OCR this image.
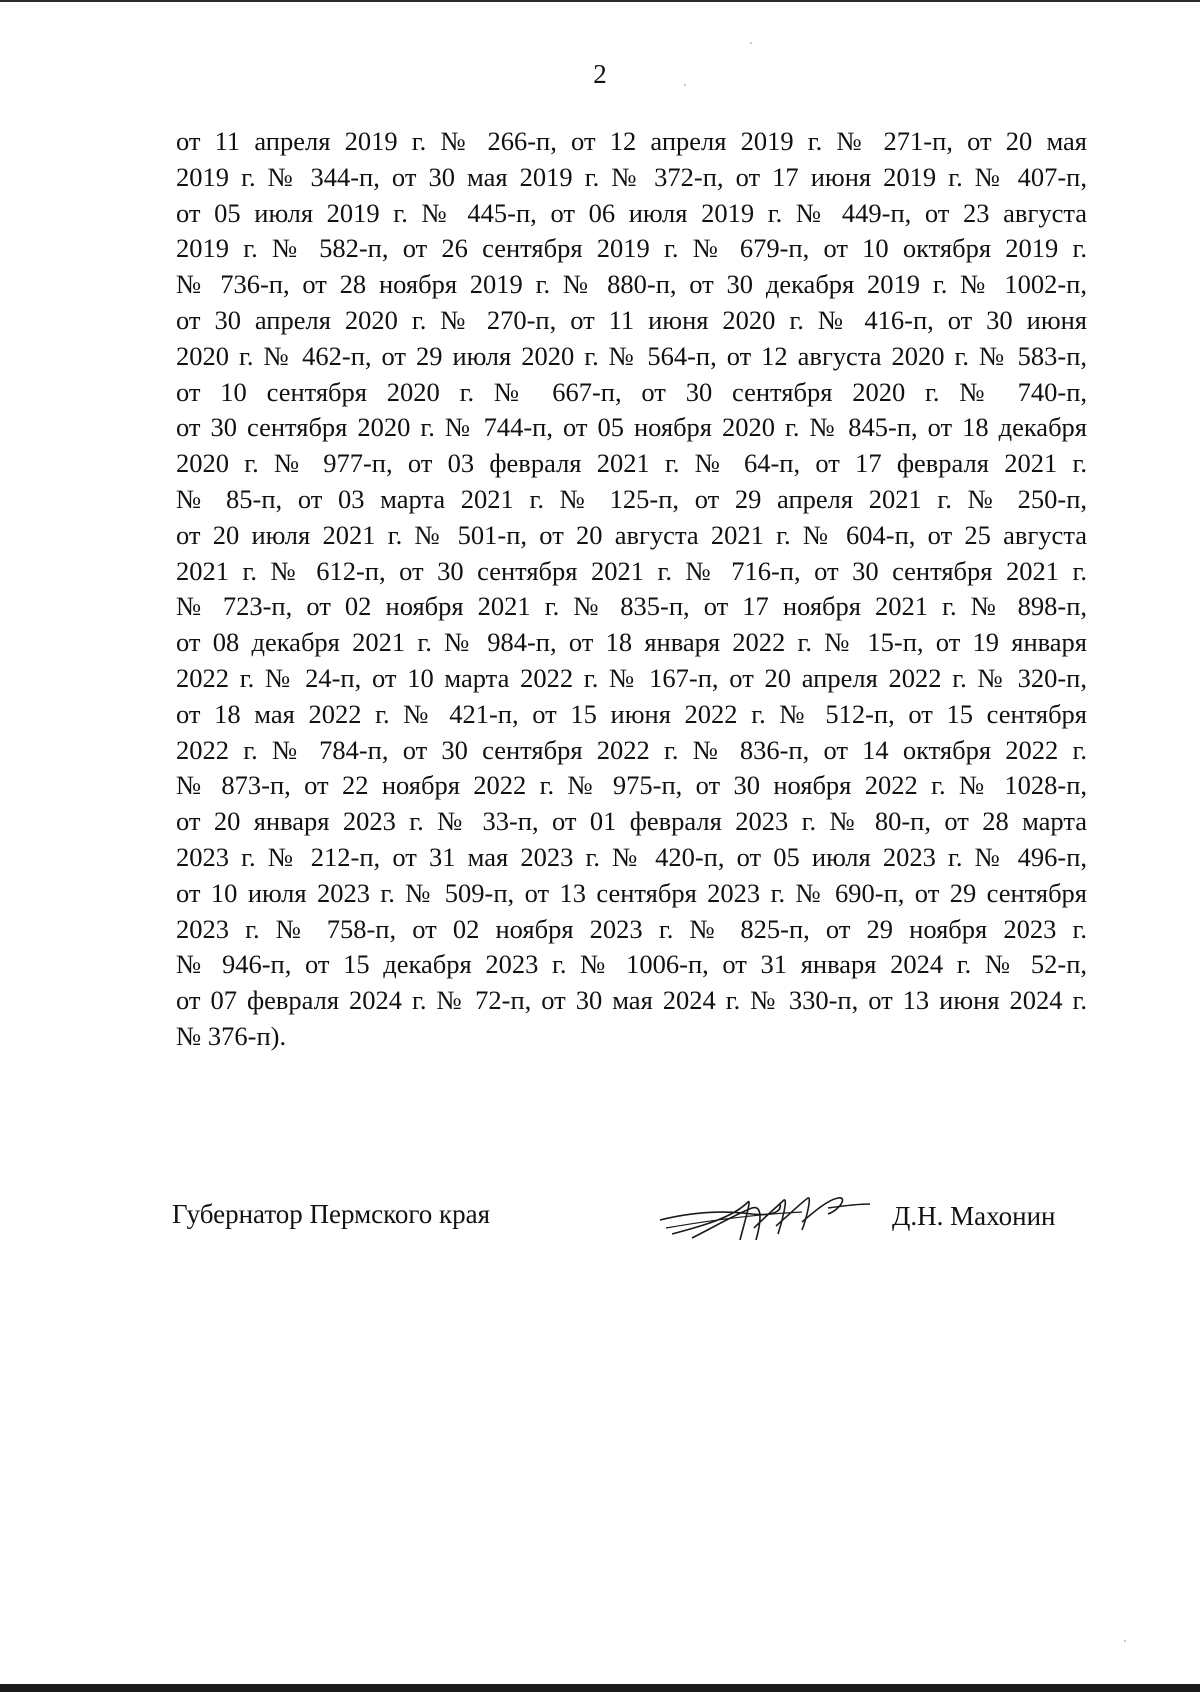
2
от 11 апреля 2019 г. № 266-п, от 12 апреля 2019 г. № 271-п, от 20 мая
2019 г. № 344-п, от 30 мая 2019 г. № 372-п, от 17 июня 2019 г. № 407-п,
от 05 июля 2019 г. № 445-п, от 06 июля 2019 г. № 449-п, от 23 августа
2019 г. № 582-п, от 26 сентября 2019 г. № 679-п, от 10 октября 2019 г.
№ 736-п, от 28 ноября 2019 г. № 880-п, от 30 декабря 2019 г. № 1002-п,
от 30 апреля 2020 г. № 270-п, от 11 июня 2020 г. № 416-п, от 30 июня
2020 г. № 462-п, от 29 июля 2020 г. № 564-п, от 12 августа 2020 г. № 583-п,
от 10 сентября 2020 г. № 667-п, от 30 сентября 2020 г. № 740-п,
от 30 сентября 2020 г. № 744-п, от 05 ноября 2020 г. № 845-п, от 18 декабря
2020 г. № 977-п, от 03 февраля 2021 г. № 64-п, от 17 февраля 2021 г.
№ 85-п, от 03 марта 2021 г. № 125-п, от 29 апреля 2021 г. № 250-п,
от 20 июля 2021 г. № 501-п, от 20 августа 2021 г. № 604-п, от 25 августа
2021 г. № 612-п, от 30 сентября 2021 г. № 716-п, от 30 сентября 2021 г.
№ 723-п, от 02 ноября 2021 г. № 835-п, от 17 ноября 2021 г. № 898-п,
от 08 декабря 2021 г. № 984-п, от 18 января 2022 г. № 15-п, от 19 января
2022 г. № 24-п, от 10 марта 2022 г. № 167-п, от 20 апреля 2022 г. № 320-п,
от 18 мая 2022 г. № 421-п, от 15 июня 2022 г. № 512-п, от 15 сентября
2022 г. № 784-п, от 30 сентября 2022 г. № 836-п, от 14 октября 2022 г.
№ 873-п, от 22 ноября 2022 г. № 975-п, от 30 ноября 2022 г. № 1028-п,
от 20 января 2023 г. № 33-п, от 01 февраля 2023 г. № 80-п, от 28 марта
2023 г. № 212-п, от 31 мая 2023 г. № 420-п, от 05 июля 2023 г. № 496-п,
от 10 июля 2023 г. № 509-п, от 13 сентября 2023 г. № 690-п, от 29 сентября
2023 г. № 758-п, от 02 ноября 2023 г. № 825-п, от 29 ноября 2023 г.
№ 946-п, от 15 декабря 2023 г. № 1006-п, от 31 января 2024 г. № 52-п,
от 07 февраля 2024 г. № 72-п, от 30 мая 2024 г. № 330-п, от 13 июня 2024 г.
№ 376-п).
Губернатор Пермского края	Д.Н. Махонин
